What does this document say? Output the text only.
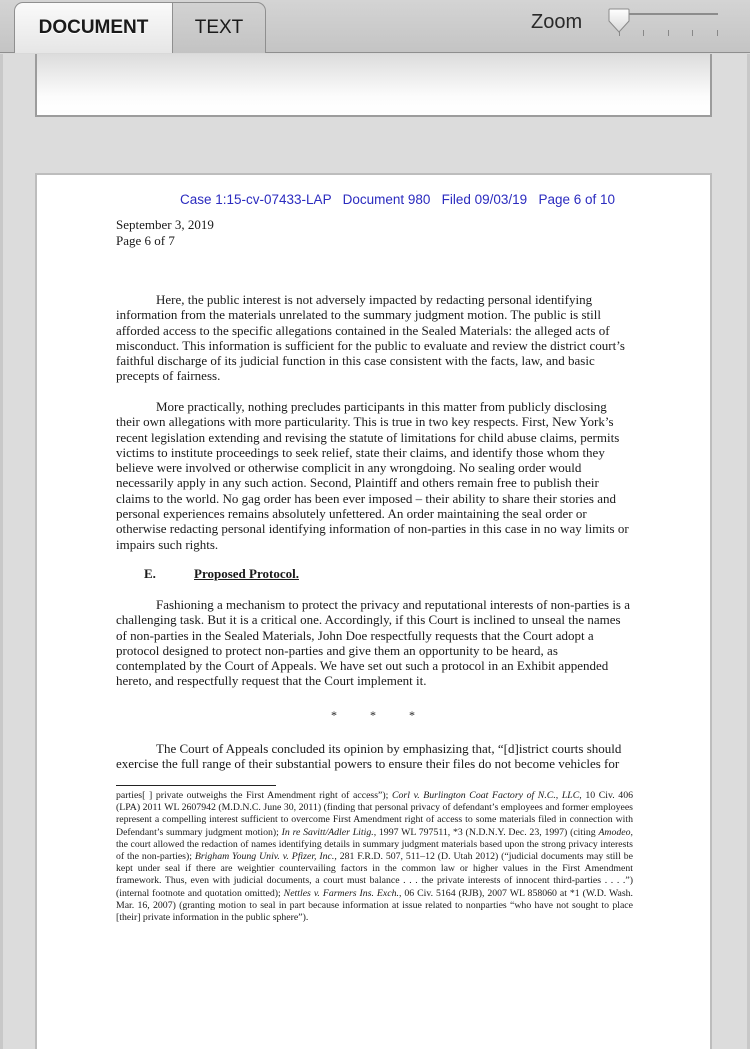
DOCUMENT	TEXT	Zoom
Case 1:15-cv-07433-LAP   Document 980   Filed 09/03/19   Page 6 of 10
September 3, 2019
Page 6 of 7
Here, the public interest is not adversely impacted by redacting personal identifying information from the materials unrelated to the summary judgment motion. The public is still afforded access to the specific allegations contained in the Sealed Materials: the alleged acts of misconduct. This information is sufficient for the public to evaluate and review the district court’s faithful discharge of its judicial function in this case consistent with the facts, law, and basic precepts of fairness.
More practically, nothing precludes participants in this matter from publicly disclosing their own allegations with more particularity. This is true in two key respects. First, New York’s recent legislation extending and revising the statute of limitations for child abuse claims, permits victims to institute proceedings to seek relief, state their claims, and identify those whom they believe were involved or otherwise complicit in any wrongdoing. No sealing order would necessarily apply in any such action. Second, Plaintiff and others remain free to publish their claims to the world. No gag order has been ever imposed – their ability to share their stories and personal experiences remains absolutely unfettered. An order maintaining the seal order or otherwise redacting personal identifying information of non-parties in this case in no way limits or impairs such rights.
E.	Proposed Protocol.
Fashioning a mechanism to protect the privacy and reputational interests of non-parties is a challenging task. But it is a critical one. Accordingly, if this Court is inclined to unseal the names of non-parties in the Sealed Materials, John Doe respectfully requests that the Court adopt a protocol designed to protect non-parties and give them an opportunity to be heard, as contemplated by the Court of Appeals. We have set out such a protocol in an Exhibit appended hereto, and respectfully request that the Court implement it.
* * *
The Court of Appeals concluded its opinion by emphasizing that, “[d]istrict courts should exercise the full range of their substantial powers to ensure their files do not become vehicles for
parties[ ] private outweighs the First Amendment right of access”); Corl v. Burlington Coat Factory of N.C., LLC, 10 Civ. 406 (LPA) 2011 WL 2607942 (M.D.N.C. June 30, 2011) (finding that personal privacy of defendant’s employees and former employees represent a compelling interest sufficient to overcome First Amendment right of access to some materials filed in connection with Defendant’s summary judgment motion); In re Savitt/Adler Litig., 1997 WL 797511, *3 (N.D.N.Y. Dec. 23, 1997) (citing Amodeo, the court allowed the redaction of names identifying details in summary judgment materials based upon the strong privacy interests of the non-parties); Brigham Young Univ. v. Pfizer, Inc., 281 F.R.D. 507, 511–12 (D. Utah 2012) (“judicial documents may still be kept under seal if there are weightier countervailing factors in the common law or higher values in the First Amendment framework. Thus, even with judicial documents, a court must balance . . . the private interests of innocent third-parties . . . .”) (internal footnote and quotation omitted); Nettles v. Farmers Ins. Exch., 06 Civ. 5164 (RJB), 2007 WL 858060 at *1 (W.D. Wash. Mar. 16, 2007) (granting motion to seal in part because information at issue related to nonparties “who have not sought to place [their] private information in the public sphere”).
